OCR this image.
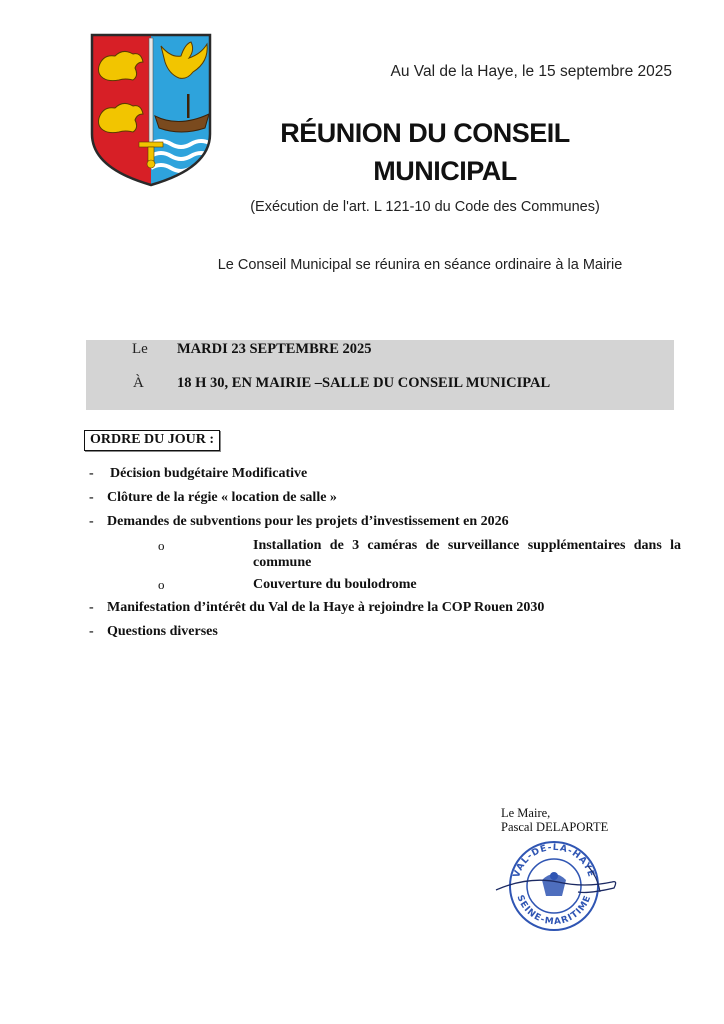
Au Val de la Haye, le 15 septembre 2025
RÉUNION DU CONSEIL
MUNICIPAL
(Exécution de l'art. L 121-10 du Code des Communes)
Le Conseil Municipal se réunira en séance ordinaire à la Mairie
Le MARDI 23 SEPTEMBRE 2025
À 18 H 30, EN MAIRIE –SALLE DU CONSEIL MUNICIPAL
ORDRE DU JOUR :
- Décision budgétaire Modificative
- Clôture de la régie « location de salle »
- Demandes de subventions pour les projets d’investissement en 2026
o	Installation de 3 caméras de surveillance supplémentaires dans la commune
o	Couverture du boulodrome
- Manifestation d’intérêt du Val de la Haye à rejoindre la COP Rouen 2030
- Questions diverses
Le Maire,
Pascal DELAPORTE
VAL-DE-LA-HAYE
SEINE-MARITIME
